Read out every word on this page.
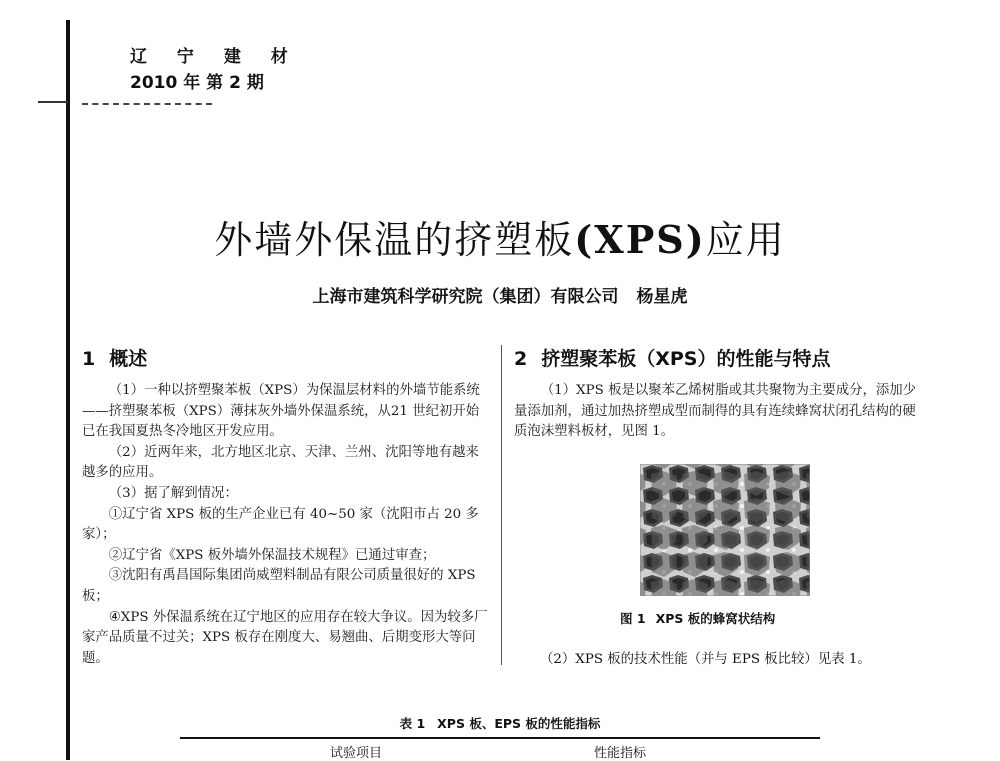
辽 宁 建 材
2010 年 第 2 期
外墙外保温的挤塑板(XPS)应用
上海市建筑科学研究院（集团）有限公司 杨星虎
1 概述

（1）一种以挤塑聚苯板（XPS）为保温层材料的外墙节能系统——挤塑聚苯板（XPS）薄抹灰外墙外保温系统，从21 世纪初开始已在我国夏热冬冷地区开发应用。

（2）近两年来，北方地区北京、天津、兰州、沈阳等地有越来越多的应用。

（3）据了解到情况：

①辽宁省 XPS 板的生产企业已有 40~50 家（沈阳市占 20 多家）；

②辽宁省《XPS 板外墙外保温技术规程》已通过审查；

③沈阳有禹昌国际集团尚威塑料制品有限公司质量很好的 XPS 板；

④XPS 外保温系统在辽宁地区的应用存在较大争议。因为较多厂家产品质量不过关；XPS 板存在刚度大、易翘曲、后期变形大等问题。

2 挤塑聚苯板（XPS）的性能与特点

（1）XPS 板是以聚苯乙烯树脂或其共聚物为主要成分，添加少量添加剂，通过加热挤塑成型而制得的具有连续蜂窝状闭孔结构的硬质泡沫塑料板材，见图 1。

图 1 XPS 板的蜂窝状结构
（2）XPS 板的技术性能（并与 EPS 板比较）见表 1。
表 1 XPS 板、EPS 板的性能指标
试验项目	性能指标
